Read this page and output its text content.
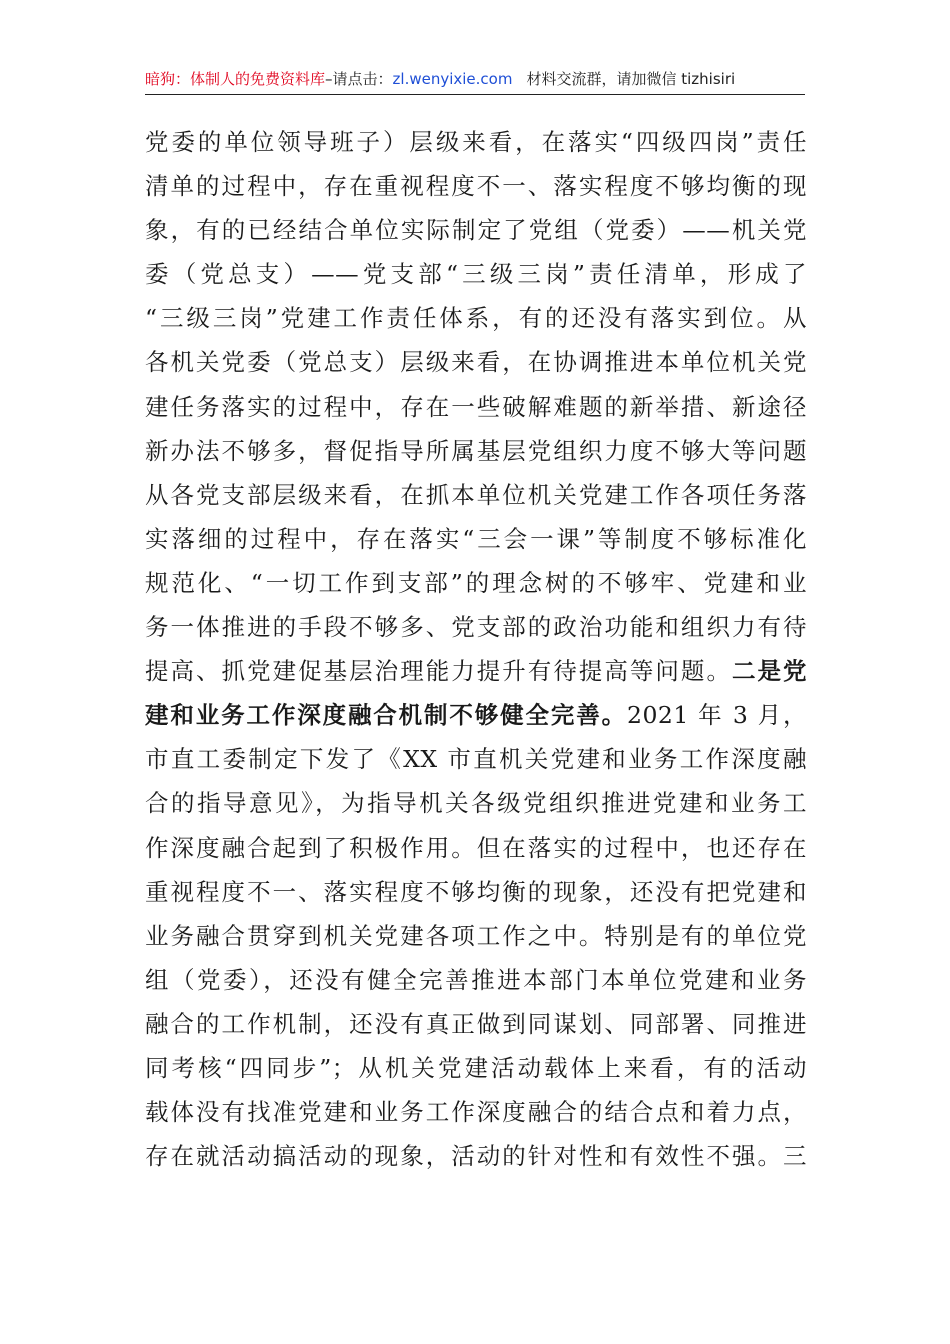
暗狗：体制人的免费资料库–请点击：zl.wenyixie.com 材料交流群，请加微信 tizhisiri
党委的单位领导班子）层级来看，在落实“四级四岗”责任
清单的过程中，存在重视程度不一、落实程度不够均衡的现
象，有的已经结合单位实际制定了党组（党委）——机关党
委（党总支）——党支部“三级三岗”责任清单，形成了
“三级三岗”党建工作责任体系，有的还没有落实到位。从
各机关党委（党总支）层级来看，在协调推进本单位机关党
建任务落实的过程中，存在一些破解难题的新举措、新途径
新办法不够多，督促指导所属基层党组织力度不够大等问题
从各党支部层级来看，在抓本单位机关党建工作各项任务落
实落细的过程中，存在落实“三会一课”等制度不够标准化
规范化、“一切工作到支部”的理念树的不够牢、党建和业
务一体推进的手段不够多、党支部的政治功能和组织力有待
提高、抓党建促基层治理能力提升有待提高等问题。二是党
建和业务工作深度融合机制不够健全完善。2021 年 3 月，
市直工委制定下发了《XX 市直机关党建和业务工作深度融
合的指导意见》，为指导机关各级党组织推进党建和业务工
作深度融合起到了积极作用。但在落实的过程中，也还存在
重视程度不一、落实程度不够均衡的现象，还没有把党建和
业务融合贯穿到机关党建各项工作之中。特别是有的单位党
组（党委），还没有健全完善推进本部门本单位党建和业务
融合的工作机制，还没有真正做到同谋划、同部署、同推进
同考核“四同步”；从机关党建活动载体上来看，有的活动
载体没有找准党建和业务工作深度融合的结合点和着力点，
存在就活动搞活动的现象，活动的针对性和有效性不强。三
